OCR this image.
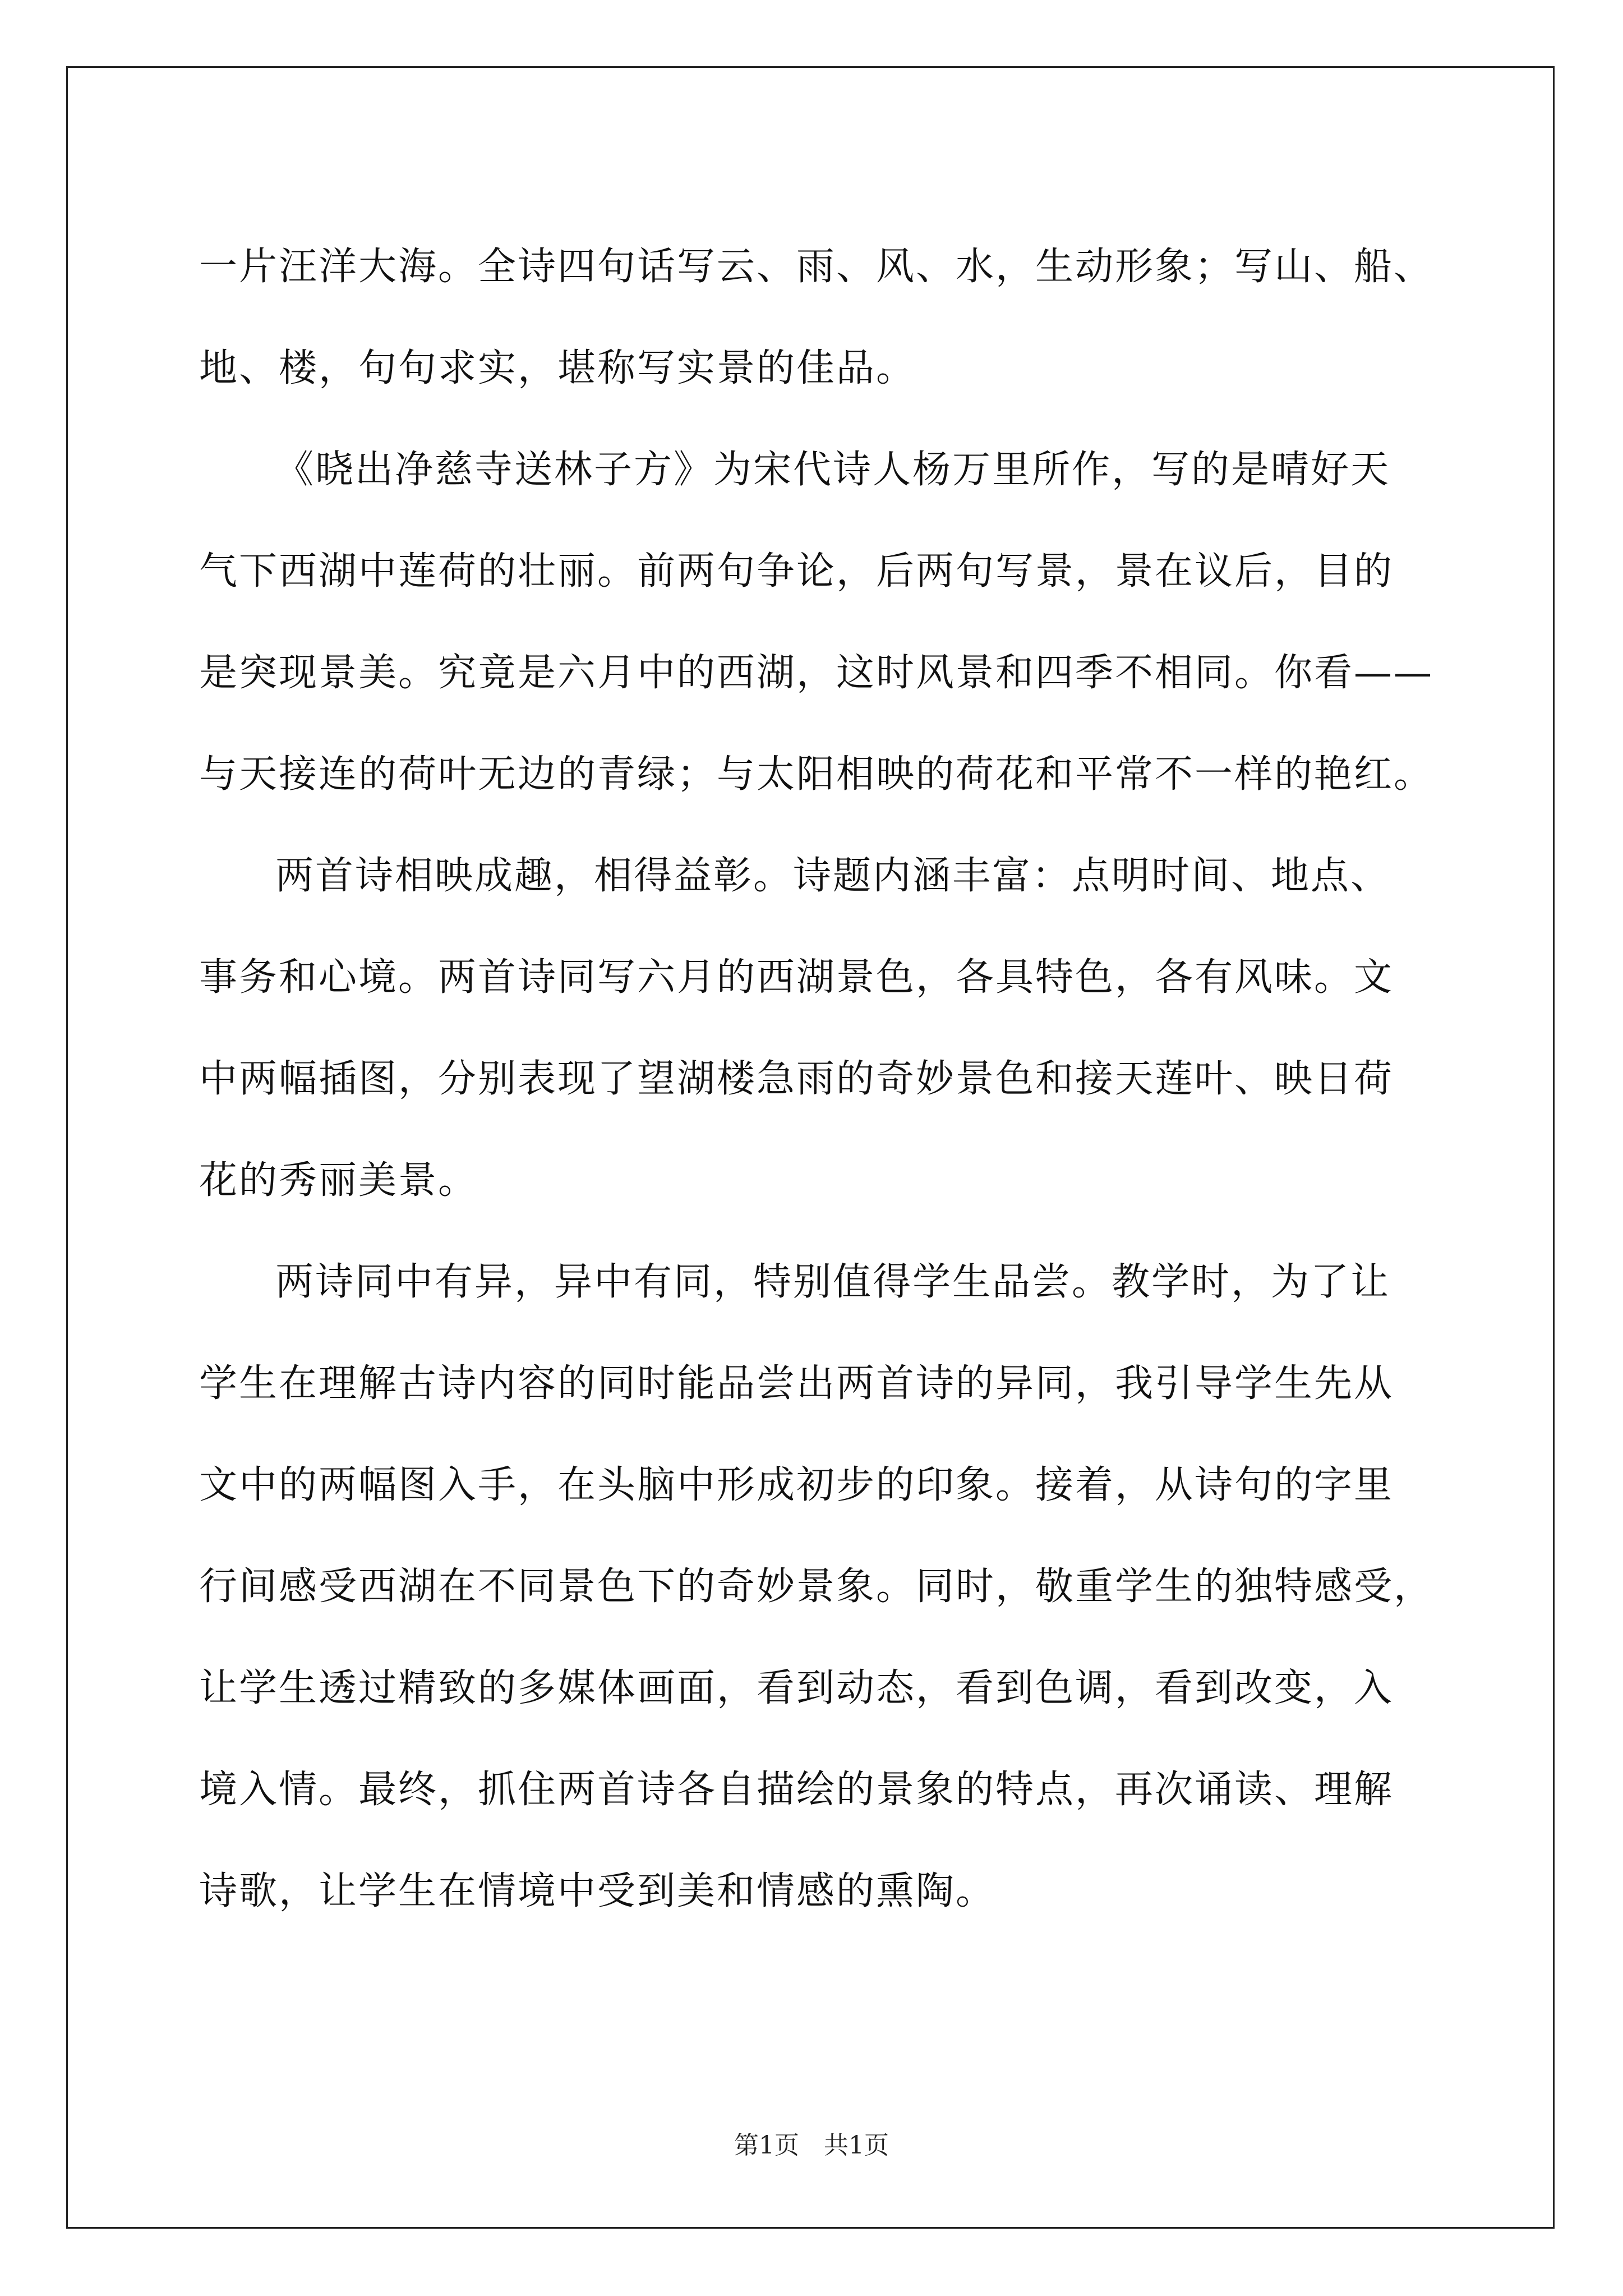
一片汪洋大海。全诗四句话写云、雨、风、水，生动形象；写山、船、
地、楼，句句求实，堪称写实景的佳品。
《晓出净慈寺送林子方》为宋代诗人杨万里所作，写的是晴好天
气下西湖中莲荷的壮丽。前两句争论，后两句写景，景在议后，目的
是突现景美。究竟是六月中的西湖，这时风景和四季不相同。你看——
与天接连的荷叶无边的青绿；与太阳相映的荷花和平常不一样的艳红。
两首诗相映成趣，相得益彰。诗题内涵丰富：点明时间、地点、
事务和心境。两首诗同写六月的西湖景色，各具特色，各有风味。文
中两幅插图，分别表现了望湖楼急雨的奇妙景色和接天莲叶、映日荷
花的秀丽美景。
两诗同中有异，异中有同，特别值得学生品尝。教学时，为了让
学生在理解古诗内容的同时能品尝出两首诗的异同，我引导学生先从
文中的两幅图入手，在头脑中形成初步的印象。接着，从诗句的字里
行间感受西湖在不同景色下的奇妙景象。同时，敬重学生的独特感受，
让学生透过精致的多媒体画面，看到动态，看到色调，看到改变，入
境入情。最终，抓住两首诗各自描绘的景象的特点，再次诵读、理解
诗歌，让学生在情境中受到美和情感的熏陶。
第1页　共1页
